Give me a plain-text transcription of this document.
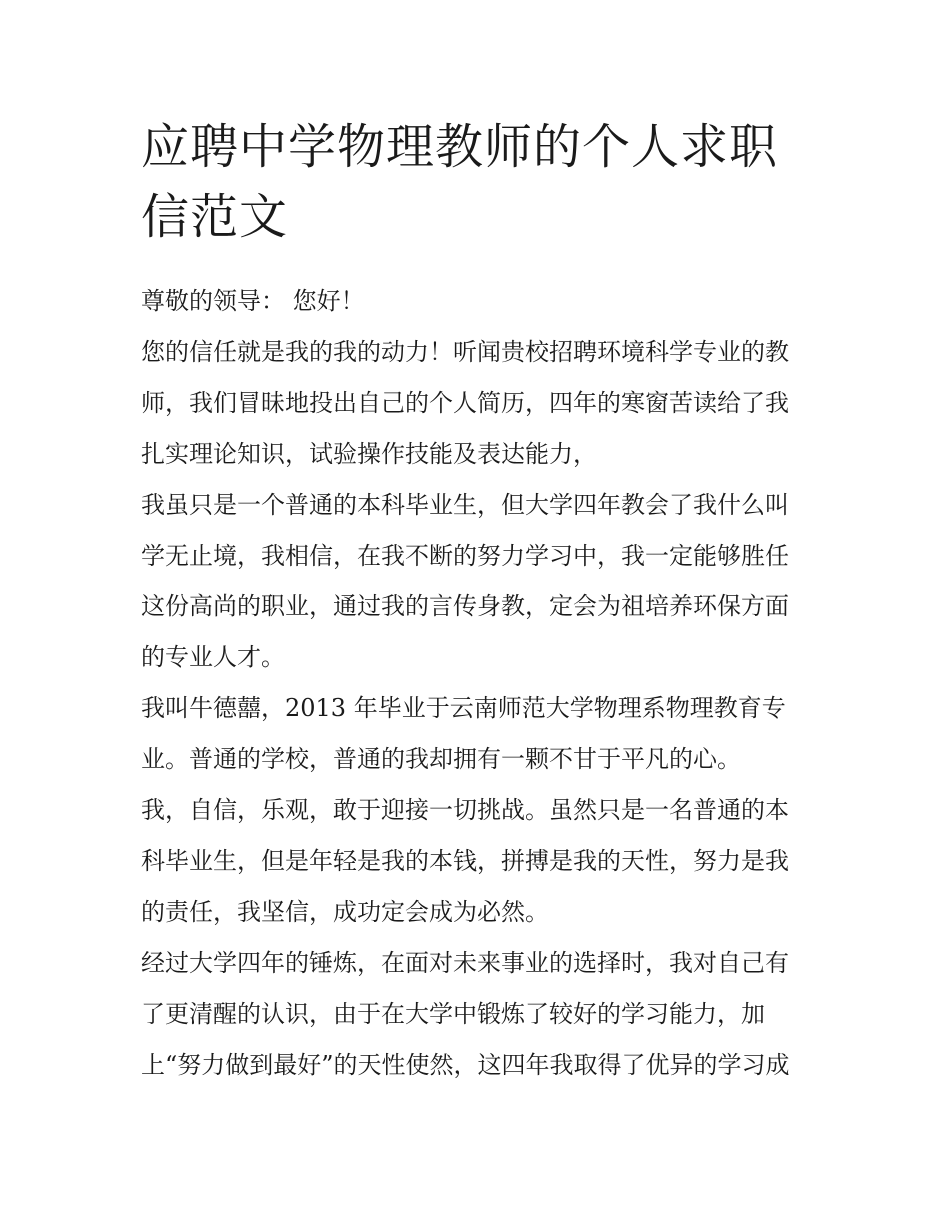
应聘中学物理教师的个人求职
信范文

尊敬的领导： 您好！

您的信任就是我的我的动力！听闻贵校招聘环境科学专业的教
师，我们冒昧地投出自己的个人简历，四年的寒窗苦读给了我
扎实理论知识，试验操作技能及表达能力，

我虽只是一个普通的本科毕业生，但大学四年教会了我什么叫
学无止境，我相信，在我不断的努力学习中，我一定能够胜任
这份高尚的职业，通过我的言传身教，定会为祖培养环保方面
的专业人才。

我叫牛德囍，2013 年毕业于云南师范大学物理系物理教育专
业。普通的学校，普通的我却拥有一颗不甘于平凡的心。

我，自信，乐观，敢于迎接一切挑战。虽然只是一名普通的本
科毕业生，但是年轻是我的本钱，拼搏是我的天性，努力是我
的责任，我坚信，成功定会成为必然。

经过大学四年的锤炼，在面对未来事业的选择时，我对自己有
了更清醒的认识，由于在大学中锻炼了较好的学习能力，加
上“努力做到最好”的天性使然，这四年我取得了优异的学习成
